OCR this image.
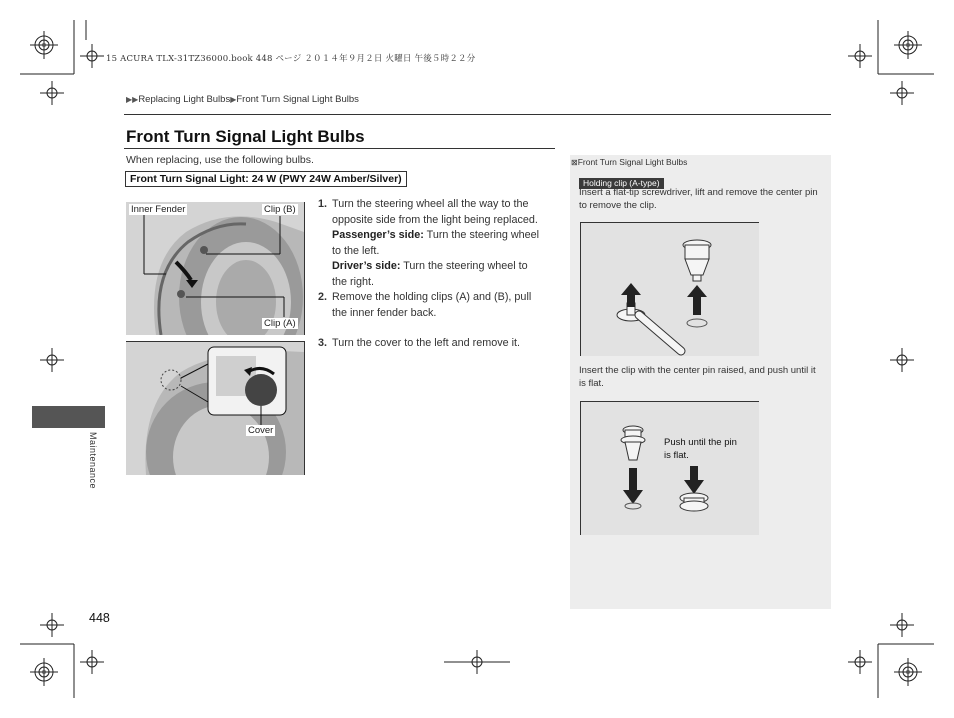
15 ACURA TLX-31TZ36000.book 448 ページ ２０１４年９月２日 火曜日 午後５時２２分
▶▶Replacing Light Bulbs▶Front Turn Signal Light Bulbs
Front Turn Signal Light Bulbs
When replacing, use the following bulbs.
Front Turn Signal Light: 24 W (PWY 24W Amber/Silver)
Inner Fender	Clip (B)
Clip (A)
Cover
1. Turn the steering wheel all the way to the
opposite side from the light being replaced.
Passenger’s side: Turn the steering wheel
to the left.
Driver’s side: Turn the steering wheel to
the right.
2. Remove the holding clips (A) and (B), pull
the inner fender back.
3. Turn the cover to the left and remove it.
⊠Front Turn Signal Light Bulbs
Holding clip (A-type)
Insert a flat-tip screwdriver, lift and remove the center pin to remove the clip.
Insert the clip with the center pin raised, and push until it is flat.
Push until the pin is flat.
Maintenance
448
